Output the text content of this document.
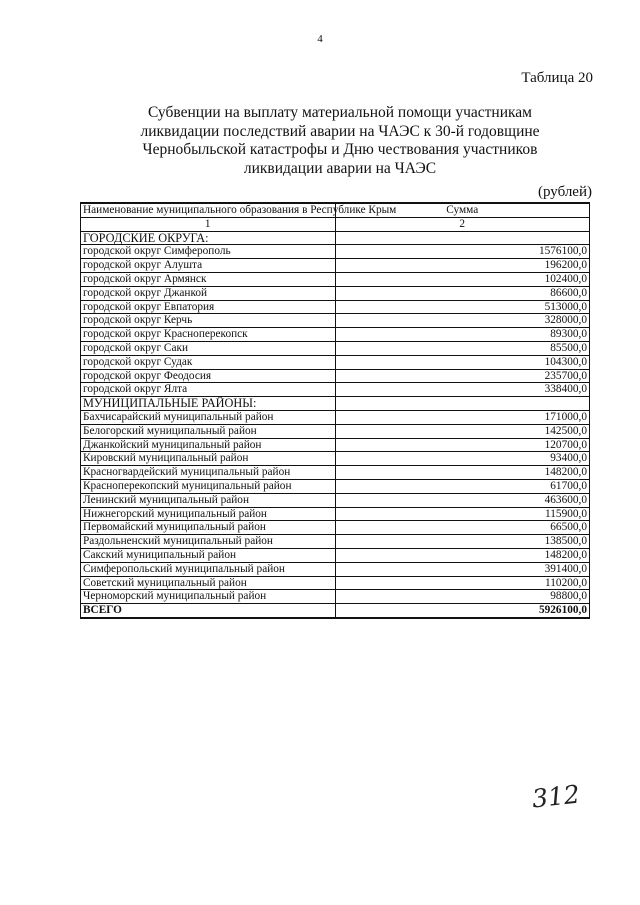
4
Таблица 20
Субвенции на выплату материальной помощи участникам
ликвидации последствий аварии на ЧАЭС к 30-й годовщине
Чернобыльской катастрофы и Дню чествования участников
ликвидации аварии на ЧАЭС
(рублей)
Наименование муниципального образования в Республике Крым	Сумма
1	2
ГОРОДСКИЕ ОКРУГА:	
городской округ Симферополь	1576100,0
городской округ Алушта	196200,0
городской округ Армянск	102400,0
городской округ Джанкой	86600,0
городской округ Евпатория	513000,0
городской округ Керчь	328000,0
городской округ Красноперекопск	89300,0
городской округ Саки	85500,0
городской округ Судак	104300,0
городской округ Феодосия	235700,0
городской округ Ялта	338400,0
МУНИЦИПАЛЬНЫЕ РАЙОНЫ:	
Бахчисарайский муниципальный район	171000,0
Белогорский муниципальный район	142500,0
Джанкойский муниципальный район	120700,0
Кировский муниципальный район	93400,0
Красногвардейский муниципальный район	148200,0
Красноперекопский муниципальный район	61700,0
Ленинский муниципальный район	463600,0
Нижнегорский муниципальный район	115900,0
Первомайский муниципальный район	66500,0
Раздольненский муниципальный район	138500,0
Сакский муниципальный район	148200,0
Симферопольский муниципальный район	391400,0
Советский муниципальный район	110200,0
Черноморский муниципальный район	98800,0
ВСЕГО	5926100,0
312
